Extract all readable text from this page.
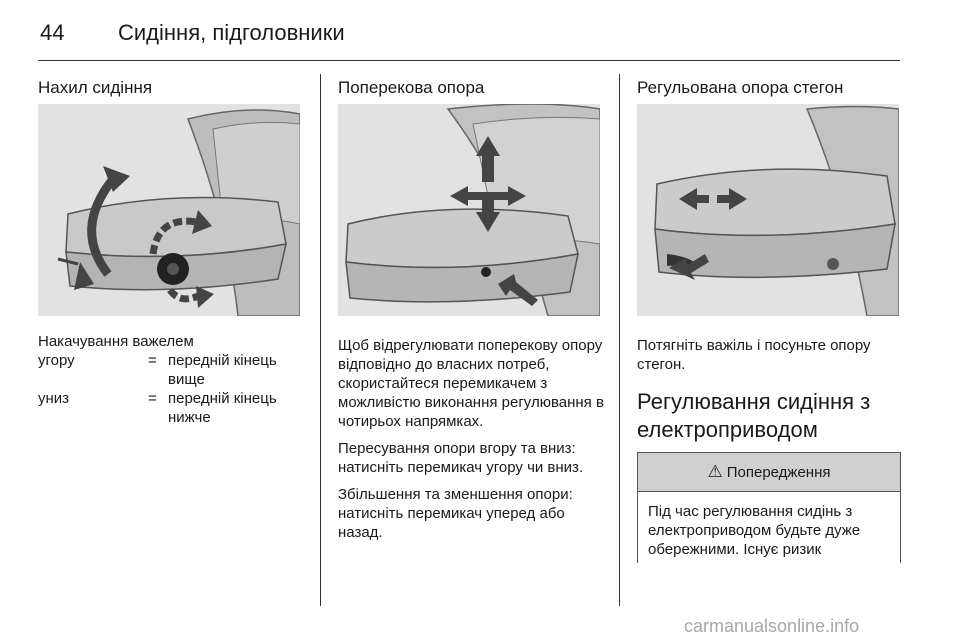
44 Сидіння, підголовники
Нахил сидіння
Накачування важелем
угору	= передній кінець вище
униз	= передній кінець нижче
Поперекова опора

Щоб відрегулювати поперекову опору відповідно до власних потреб, скористайтеся перемикачем з можливістю виконання регулювання в чотирьох напрямках.

Пересування опори вгору та вниз: натисніть перемикач угору чи вниз.

Збільшення та зменшення опори: натисніть перемикач уперед або назад.

Регульована опора стегон

Потягніть важіль і посуньте опору стегон.

Регулювання сидіння з електроприводом
⚠ Попередження
Під час регулювання сидінь з електроприводом будьте дуже обережними. Існує ризик
carmanualsonline.info
